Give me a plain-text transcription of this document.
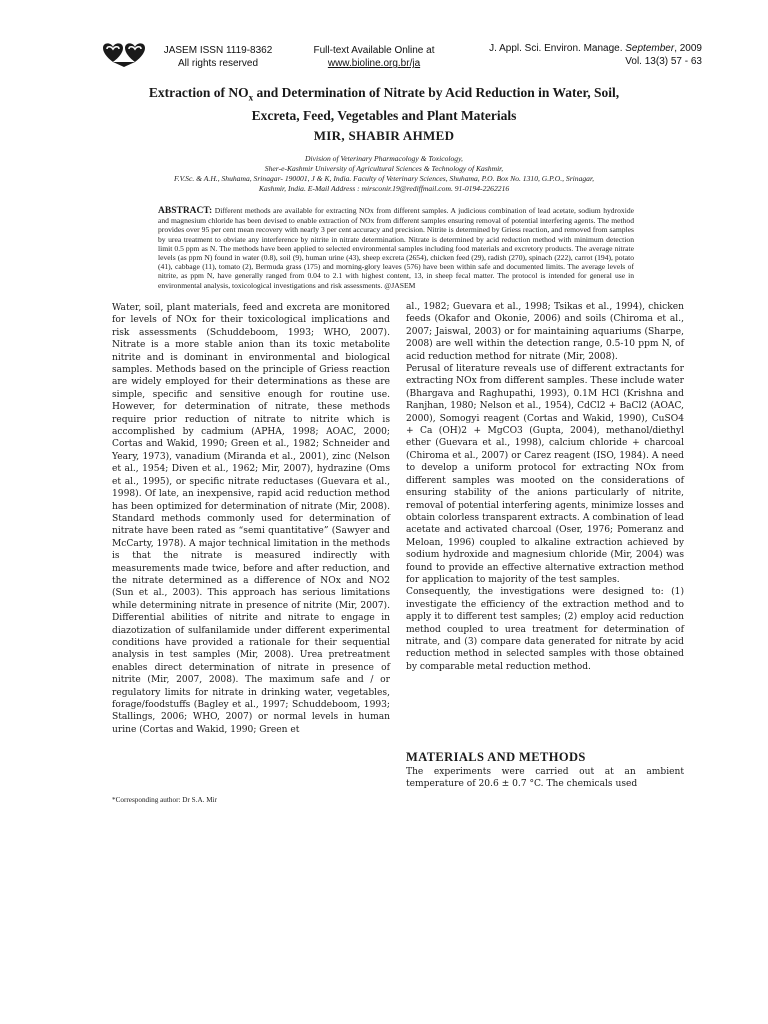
JASEM ISSN 1119-8362
All rights reserved
Full-text Available Online at
www.bioline.org.br/ja
J. Appl. Sci. Environ. Manage. September, 2009
Vol. 13(3) 57 - 63
Extraction of $NO_x$ and Determination of Nitrate by Acid Reduction in Water, Soil,
Excreta, Feed, Vegetables and Plant Materials
MIR, SHABIR AHMED
Division of Veterinary Pharmacology & Toxicology,
Sher-e-Kashmir University of Agricultural Sciences & Technology of Kashmir,
F.V.Sc. & A.H., Shuhama, Srinagar- 190001, J & K, India. Faculty of Veterinary Sciences, Shuhama, P.O. Box No. 1310, G.P.O., Srinagar,
Kashmir, India. E-Mail Address : mirsconir.19@rediffmail.com. 91-0194-2262216
ABSTRACT: Different methods are available for extracting NOx from different samples. A judicious combination of lead acetate, sodium hydroxide and magnesium chloride has been devised to enable extraction of NOx from different samples ensuring removal of potential interfering agents. The method provides over 95 per cent mean recovery with nearly 3 per cent accuracy and precision. Nitrite is determined by Griess reaction, and removed from samples by urea treatment to obviate any interference by nitrite in nitrate determination. Nitrate is determined by acid reduction method with minimum detection limit 0.5 ppm as N. The methods have been applied to selected environmental samples including food materials and excretory products. The average nitrate levels (as ppm N) found in water (0.8), soil (9), human urine (43), sheep excreta (2654), chicken feed (29), radish (270), spinach (222), carrot (194), potato (41), cabbage (11), tomato (2), Bermuda grass (175) and morning-glory leaves (576) have been within safe and documented limits. The average levels of nitrite, as ppm N, have generally ranged from 0.04 to 2.1 with highest content, 13, in sheep fecal matter. The protocol is intended for general use in environmental analysis, toxicological investigations and risk assessments. @JASEM

Water, soil, plant materials, feed and excreta are monitored for levels of NOx for their toxicological implications and risk assessments (Schuddeboom, 1993; WHO, 2007). Nitrate is a more stable anion than its toxic metabolite nitrite and is dominant in environmental and biological samples. Methods based on the principle of Griess reaction are widely employed for their determinations as these are simple, specific and sensitive enough for routine use. However, for determination of nitrate, these methods require prior reduction of nitrate to nitrite which is accomplished by cadmium (APHA, 1998; AOAC, 2000; Cortas and Wakid, 1990; Green et al., 1982; Schneider and Yeary, 1973), vanadium (Miranda et al., 2001), zinc (Nelson et al., 1954; Diven et al., 1962; Mir, 2007), hydrazine (Oms et al., 1995), or specific nitrate reductases (Guevara et al., 1998). Of late, an inexpensive, rapid acid reduction method has been optimized for determination of nitrate (Mir, 2008). Standard methods commonly used for determination of nitrate have been rated as “semi quantitative” (Sawyer and McCarty, 1978). A major technical limitation in the methods is that the nitrate is measured indirectly with measurements made twice, before and after reduction, and the nitrate determined as a difference of NOx and NO2 (Sun et al., 2003). This approach has serious limitations while determining nitrate in presence of nitrite (Mir, 2007). Differential abilities of nitrite and nitrate to engage in diazotization of sulfanilamide under different experimental conditions have provided a rationale for their sequential analysis in test samples (Mir, 2008). Urea pretreatment enables direct determination of nitrate in presence of nitrite (Mir, 2007, 2008). The maximum safe and / or regulatory limits for nitrate in drinking water, vegetables, forage/foodstuffs (Bagley et al., 1997; Schuddeboom, 1993; Stallings, 2006; WHO, 2007) or normal levels in human urine (Cortas and Wakid, 1990; Green et

al., 1982; Guevara et al., 1998; Tsikas et al., 1994), chicken feeds (Okafor and Okonie, 2006) and soils (Chiroma et al., 2007; Jaiswal, 2003) or for maintaining aquariums (Sharpe, 2008) are well within the detection range, 0.5-10 ppm N, of acid reduction method for nitrate (Mir, 2008).

Perusal of literature reveals use of different extractants for extracting NOx from different samples. These include water (Bhargava and Raghupathi, 1993), 0.1M HCl (Krishna and Ranjhan, 1980; Nelson et al., 1954), CdCl2 + BaCl2 (AOAC, 2000), Somogyi reagent (Cortas and Wakid, 1990), CuSO4 + Ca (OH)2 + MgCO3 (Gupta, 2004), methanol/diethyl ether (Guevara et al., 1998), calcium chloride + charcoal (Chiroma et al., 2007) or Carez reagent (ISO, 1984). A need to develop a uniform protocol for extracting NOx from different samples was mooted on the considerations of ensuring stability of the anions particularly of nitrite, removal of potential interfering agents, minimize losses and obtain colorless transparent extracts. A combination of lead acetate and activated charcoal (Oser, 1976; Pomeranz and Meloan, 1996) coupled to alkaline extraction achieved by sodium hydroxide and magnesium chloride (Mir, 2004) was found to provide an effective alternative extraction method for application to majority of the test samples.

Consequently, the investigations were designed to: (1) investigate the efficiency of the extraction method and to apply it to different test samples; (2) employ acid reduction method coupled to urea treatment for determination of nitrate, and (3) compare data generated for nitrate by acid reduction method in selected samples with those obtained by comparable metal reduction method.

MATERIALS AND METHODS
The experiments were carried out at an ambient temperature of 20.6 ± 0.7 °C. The chemicals used
*Corresponding author: Dr S.A. Mir
